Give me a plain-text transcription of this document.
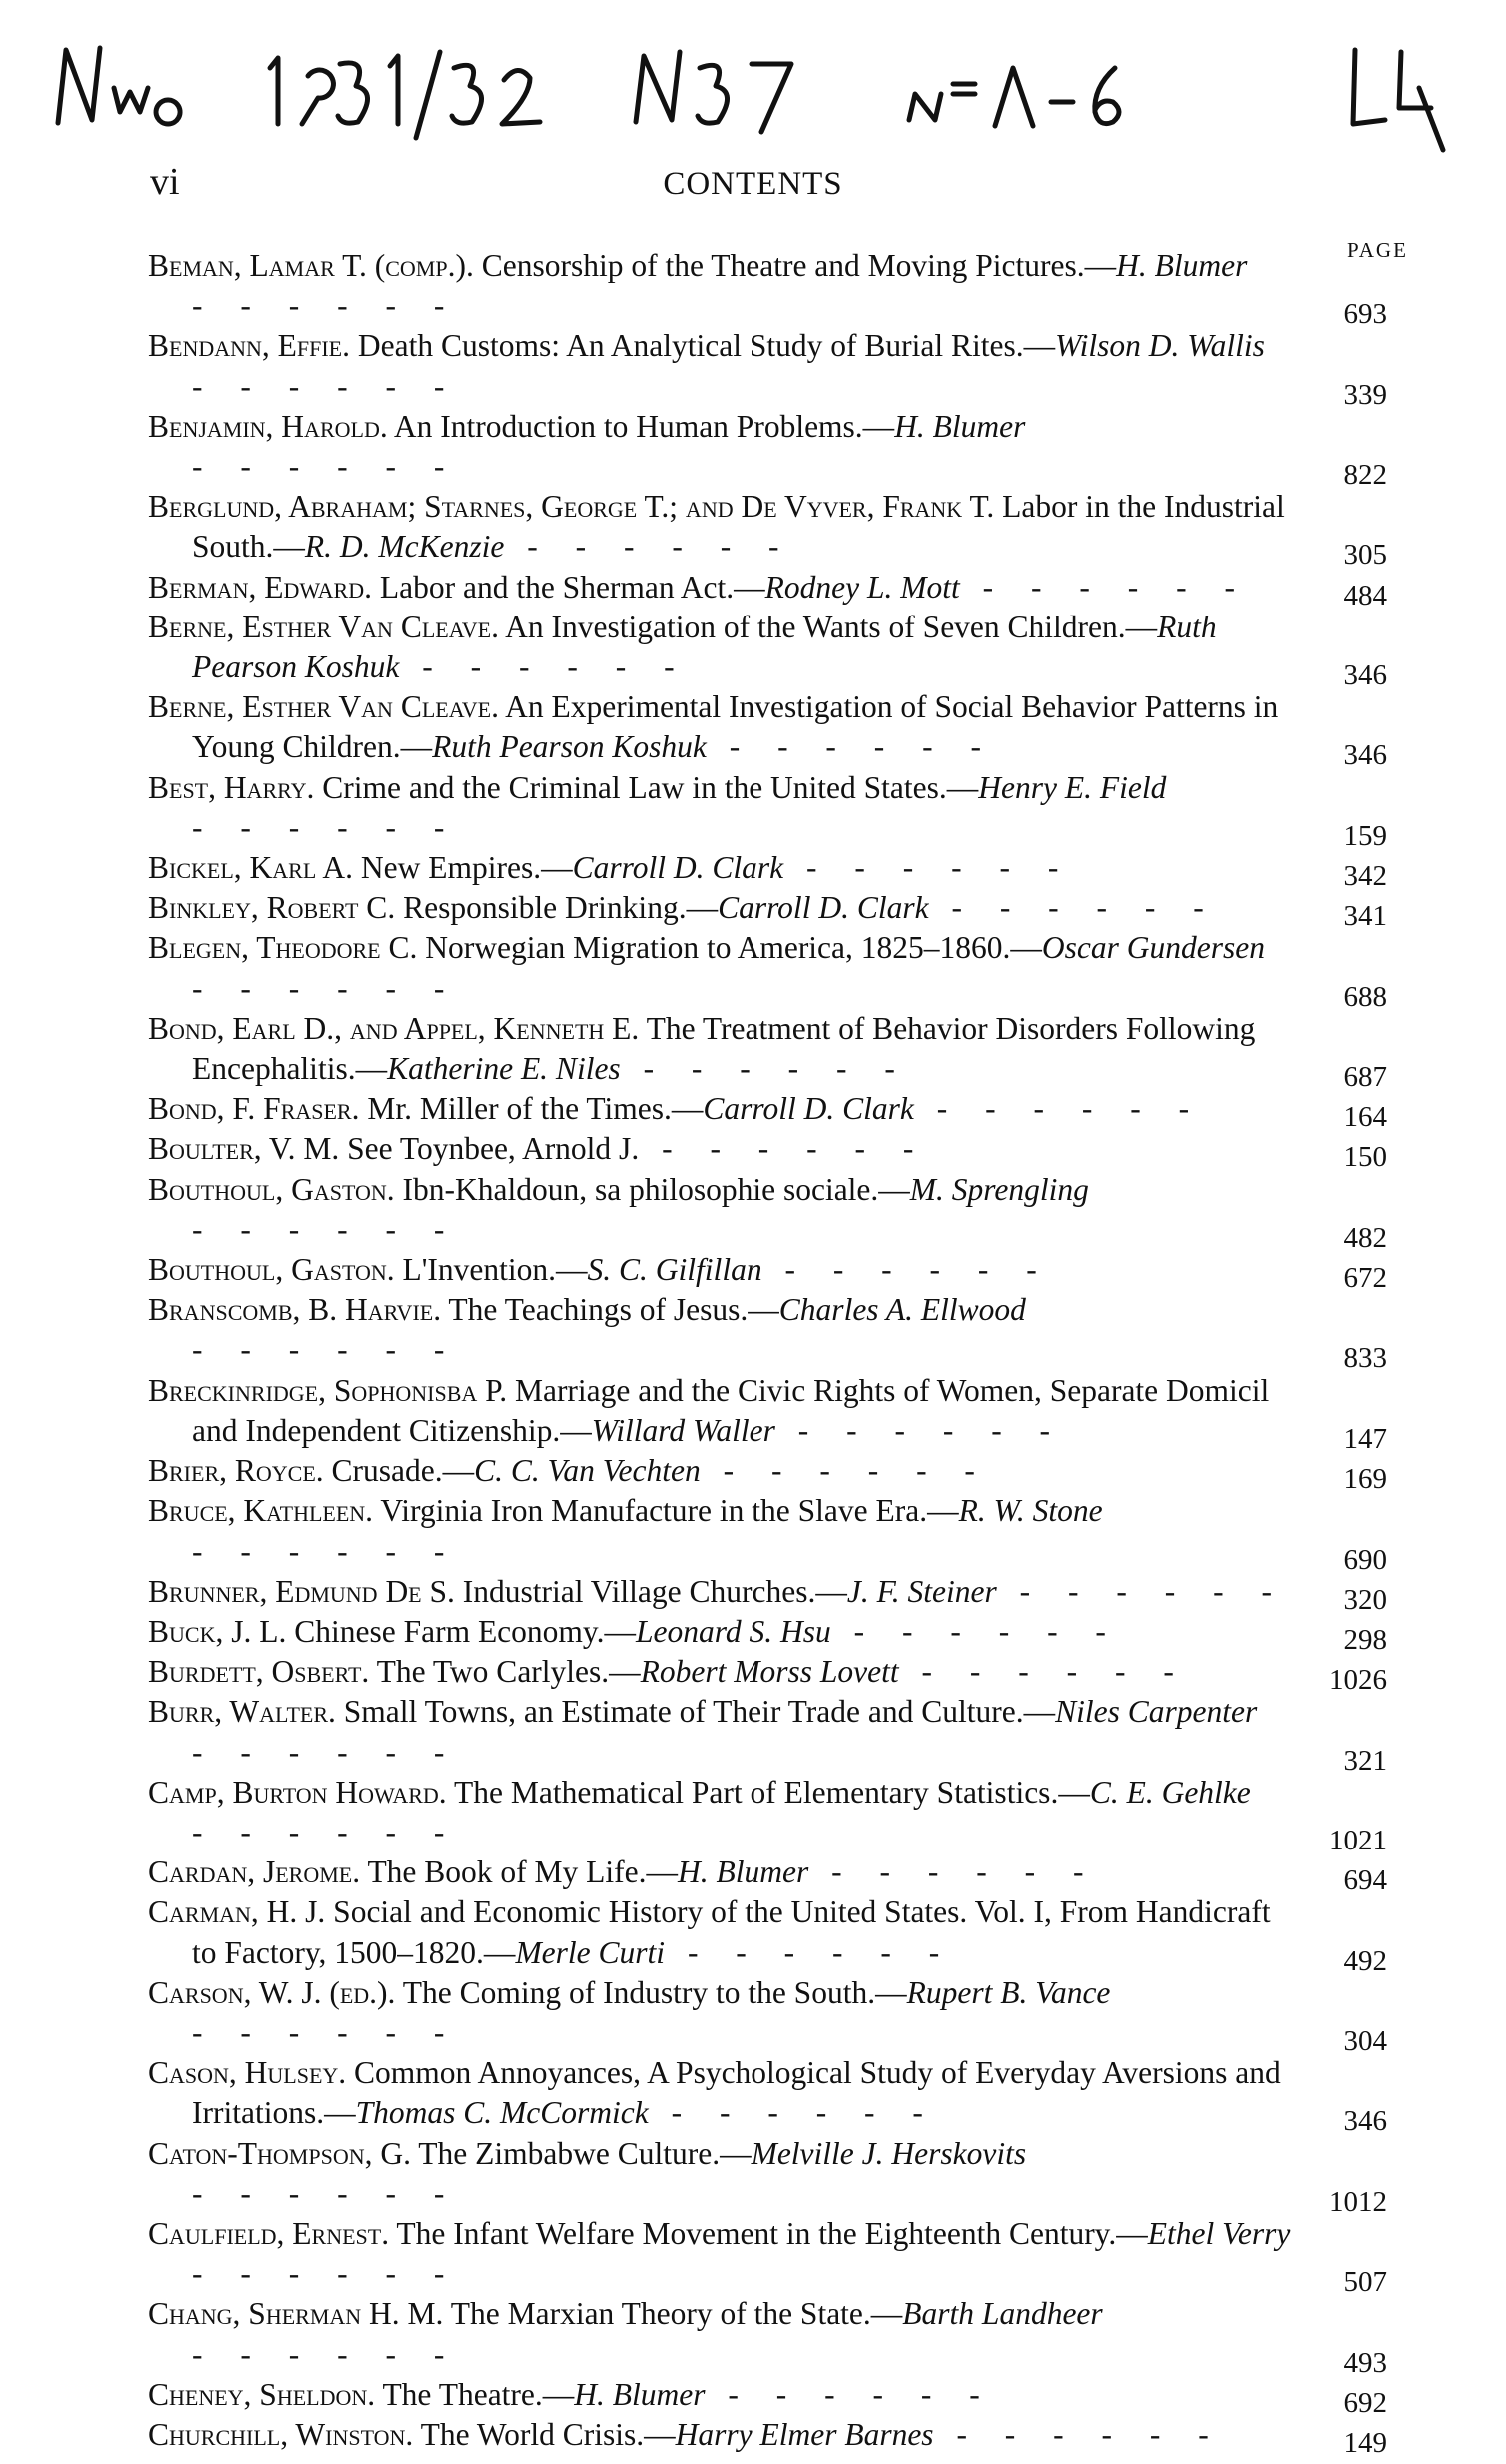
vi	CONTENTS
PAGE
Beman, Lamar T. (comp.). Censorship of the Theatre and Moving Pictures.—H. Blumer - - - - - -	693
Bendann, Effie. Death Customs: An Analytical Study of Burial Rites.—Wilson D. Wallis - - - - - -	339
Benjamin, Harold. An Introduction to Human Problems.—H. Blumer - - - - - -	822
Berglund, Abraham; Starnes, George T.; and De Vyver, Frank T. Labor in the Industrial South.—R. D. McKenzie - - - - - -	305
Berman, Edward. Labor and the Sherman Act.—Rodney L. Mott - - - - - -	484
Berne, Esther Van Cleave. An Investigation of the Wants of Seven Children.—Ruth Pearson Koshuk - - - - - -	346
Berne, Esther Van Cleave. An Experimental Investigation of Social Behavior Patterns in Young Children.—Ruth Pearson Koshuk - - - - - -	346
Best, Harry. Crime and the Criminal Law in the United States.—Henry E. Field - - - - - -	159
Bickel, Karl A. New Empires.—Carroll D. Clark - - - - - -	342
Binkley, Robert C. Responsible Drinking.—Carroll D. Clark - - - - - -	341
Blegen, Theodore C. Norwegian Migration to America, 1825–1860.—Oscar Gundersen - - - - - -	688
Bond, Earl D., and Appel, Kenneth E. The Treatment of Behavior Disorders Following Encephalitis.—Katherine E. Niles - - - - - -	687
Bond, F. Fraser. Mr. Miller of the Times.—Carroll D. Clark - - - - - -	164
Boulter, V. M. See Toynbee, Arnold J. - - - - - -	150
Bouthoul, Gaston. Ibn-Khaldoun, sa philosophie sociale.—M. Sprengling - - - - - -	482
Bouthoul, Gaston. L'Invention.—S. C. Gilfillan - - - - - -	672
Branscomb, B. Harvie. The Teachings of Jesus.—Charles A. Ellwood - - - - - -	833
Breckinridge, Sophonisba P. Marriage and the Civic Rights of Women, Separate Domicil and Independent Citizenship.—Willard Waller - - - - - -	147
Brier, Royce. Crusade.—C. C. Van Vechten - - - - - -	169
Bruce, Kathleen. Virginia Iron Manufacture in the Slave Era.—R. W. Stone - - - - - -	690
Brunner, Edmund De S. Industrial Village Churches.—J. F. Steiner - - - - - -	320
Buck, J. L. Chinese Farm Economy.—Leonard S. Hsu - - - - - -	298
Burdett, Osbert. The Two Carlyles.—Robert Morss Lovett - - - - - -	1026
Burr, Walter. Small Towns, an Estimate of Their Trade and Culture.—Niles Carpenter - - - - - -	321
Camp, Burton Howard. The Mathematical Part of Elementary Statistics.—C. E. Gehlke - - - - - -	1021
Cardan, Jerome. The Book of My Life.—H. Blumer - - - - - -	694
Carman, H. J. Social and Economic History of the United States. Vol. I, From Handicraft to Factory, 1500–1820.—Merle Curti - - - - - -	492
Carson, W. J. (ed.). The Coming of Industry to the South.—Rupert B. Vance - - - - - -	304
Cason, Hulsey. Common Annoyances, A Psychological Study of Everyday Aversions and Irritations.—Thomas C. McCormick - - - - - -	346
Caton-Thompson, G. The Zimbabwe Culture.—Melville J. Herskovits - - - - - -	1012
Caulfield, Ernest. The Infant Welfare Movement in the Eighteenth Century.—Ethel Verry - - - - - -	507
Chang, Sherman H. M. The Marxian Theory of the State.—Barth Landheer - - - - - -	493
Cheney, Sheldon. The Theatre.—H. Blumer - - - - - -	692
Churchill, Winston. The World Crisis.—Harry Elmer Barnes - - - - - -	149
